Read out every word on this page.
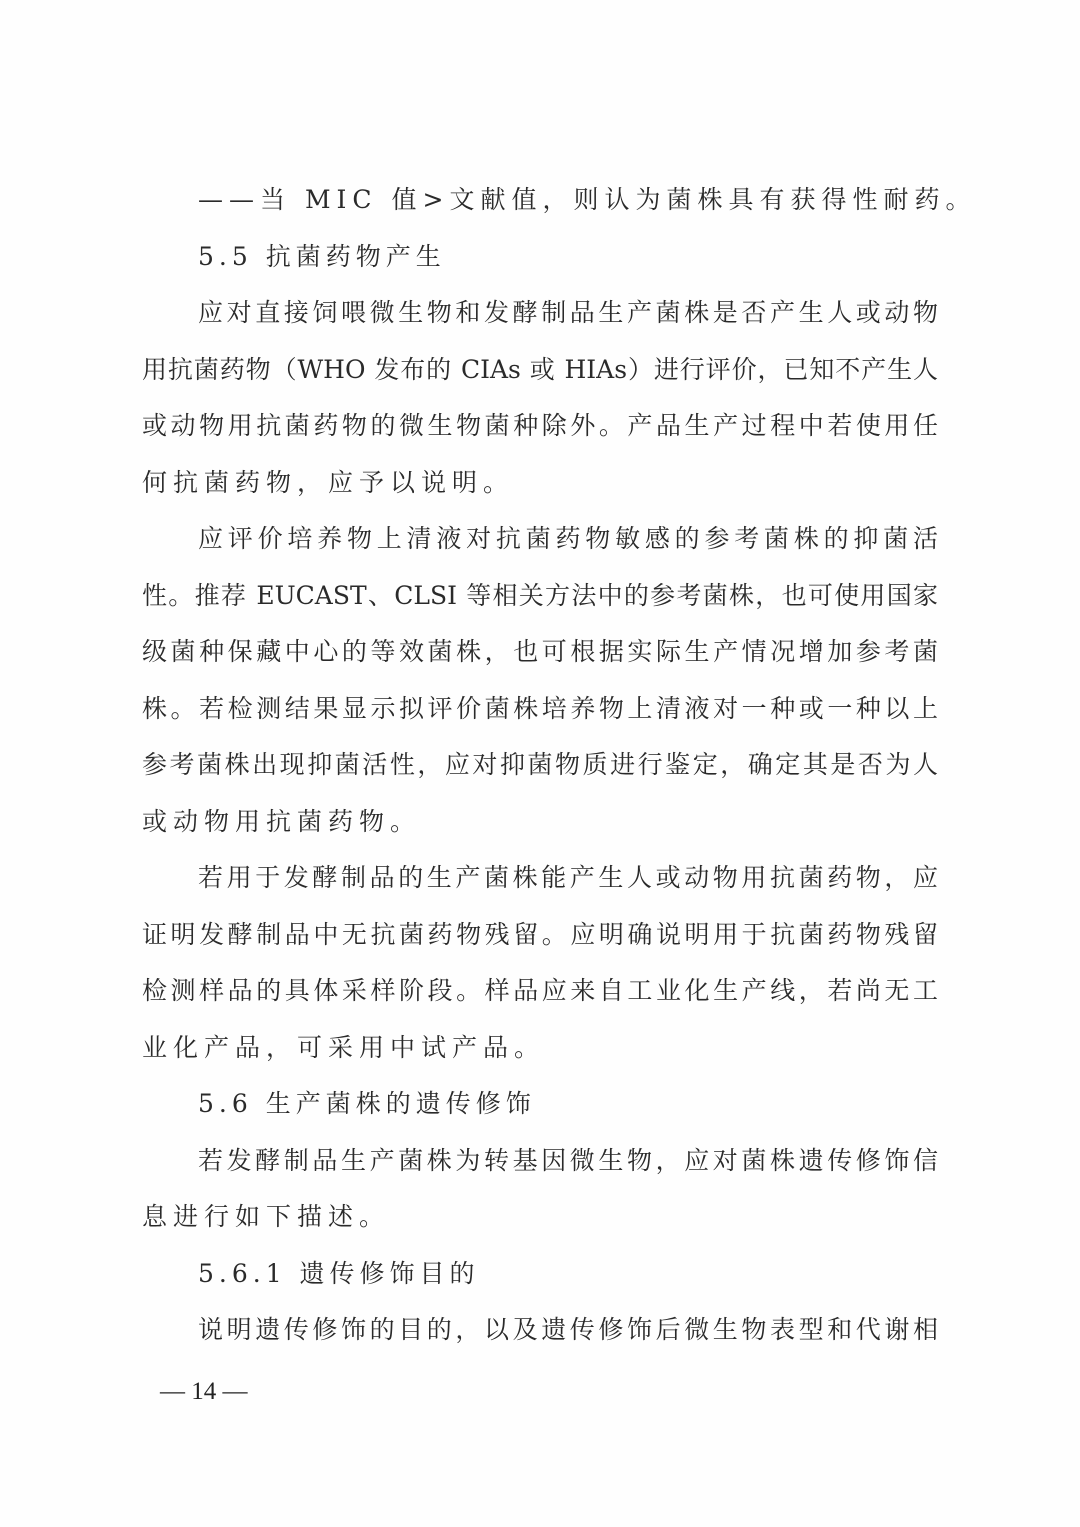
——当 MIC 值>文献值，则认为菌株具有获得性耐药。
5.5 抗菌药物产生
应对直接饲喂微生物和发酵制品生产菌株是否产生人或动物
用抗菌药物（WHO 发布的 CIAs 或 HIAs）进行评价，已知不产生人
或动物用抗菌药物的微生物菌种除外。产品生产过程中若使用任
何抗菌药物，应予以说明。
应评价培养物上清液对抗菌药物敏感的参考菌株的抑菌活
性。推荐 EUCAST、CLSI 等相关方法中的参考菌株，也可使用国家
级菌种保藏中心的等效菌株，也可根据实际生产情况增加参考菌
株。若检测结果显示拟评价菌株培养物上清液对一种或一种以上
参考菌株出现抑菌活性，应对抑菌物质进行鉴定，确定其是否为人
或动物用抗菌药物。
若用于发酵制品的生产菌株能产生人或动物用抗菌药物，应
证明发酵制品中无抗菌药物残留。应明确说明用于抗菌药物残留
检测样品的具体采样阶段。样品应来自工业化生产线，若尚无工
业化产品，可采用中试产品。
5.6 生产菌株的遗传修饰
若发酵制品生产菌株为转基因微生物，应对菌株遗传修饰信
息进行如下描述。
5.6.1 遗传修饰目的
说明遗传修饰的目的，以及遗传修饰后微生物表型和代谢相
— 14 —
